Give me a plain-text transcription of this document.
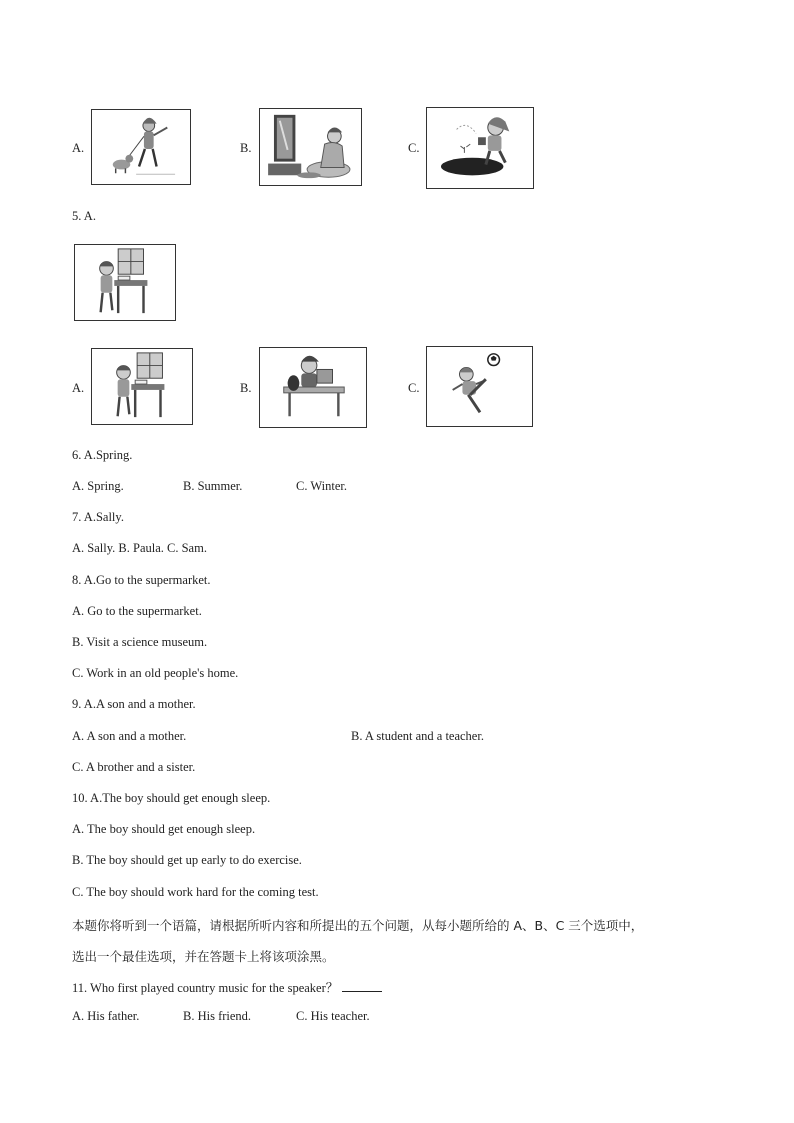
A.	B.	C.
5. A.
A.	B.	C.
6. A.Spring.
A. Spring.	B. Summer.	C. Winter.
7. A.Sally.
A. Sally. B. Paula. C. Sam.
8. A.Go to the supermarket.
A. Go to the supermarket.
B. Visit a science museum.
C. Work in an old people's home.
9. A.A son and a mother.
A. A son and a mother.	B. A student and a teacher.
C. A brother and a sister.
10. A.The boy should get enough sleep.
A. The boy should get enough sleep.
B. The boy should get up early to do exercise.
C. The boy should work hard for the coming test.
本题你将听到一个语篇，请根据所听内容和所提出的五个问题，从每小题所给的 A、B、C 三个选项中，
选出一个最佳选项，并在答题卡上将该项涂黑。
11. Who first played country music for the speaker？
A. His father.	B. His friend.	C. His teacher.
